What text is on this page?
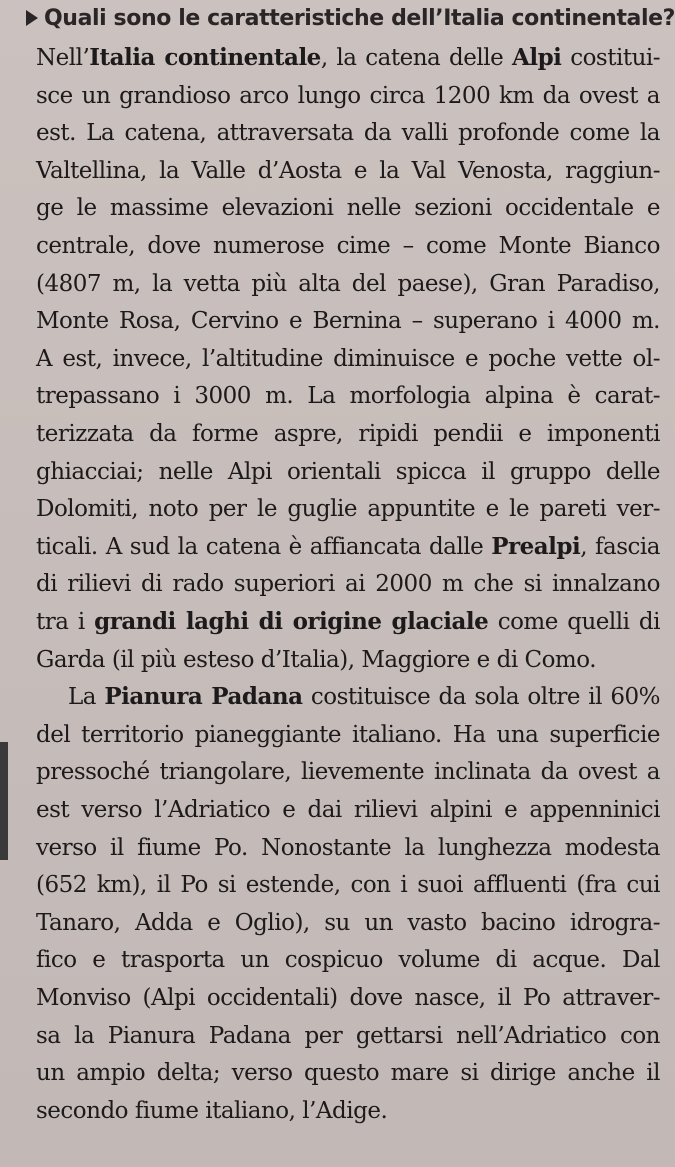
Quali sono le caratteristiche dell’Italia continentale?
Nell’Italia continentale, la catena delle Alpi costitui-
sce un grandioso arco lungo circa 1200 km da ovest a
est. La catena, attraversata da valli profonde come la
Valtellina, la Valle d’Aosta e la Val Venosta, raggiun-
ge le massime elevazioni nelle sezioni occidentale e
centrale, dove numerose cime – come Monte Bianco
(4807 m, la vetta più alta del paese), Gran Paradiso,
Monte Rosa, Cervino e Bernina – superano i 4000 m.
A est, invece, l’altitudine diminuisce e poche vette ol-
trepassano i 3000 m. La morfologia alpina è carat-
terizzata da forme aspre, ripidi pendii e imponenti
ghiacciai; nelle Alpi orientali spicca il gruppo delle
Dolomiti, noto per le guglie appuntite e le pareti ver-
ticali. A sud la catena è affiancata dalle Prealpi, fascia
di rilievi di rado superiori ai 2000 m che si innalzano
tra i grandi laghi di origine glaciale come quelli di
Garda (il più esteso d’Italia), Maggiore e di Como.
La Pianura Padana costituisce da sola oltre il 60%
del territorio pianeggiante italiano. Ha una superficie
pressoché triangolare, lievemente inclinata da ovest a
est verso l’Adriatico e dai rilievi alpini e appenninici
verso il fiume Po. Nonostante la lunghezza modesta
(652 km), il Po si estende, con i suoi affluenti (fra cui
Tanaro, Adda e Oglio), su un vasto bacino idrogra-
fico e trasporta un cospicuo volume di acque. Dal
Monviso (Alpi occidentali) dove nasce, il Po attraver-
sa la Pianura Padana per gettarsi nell’Adriatico con
un ampio delta; verso questo mare si dirige anche il
secondo fiume italiano, l’Adige.
